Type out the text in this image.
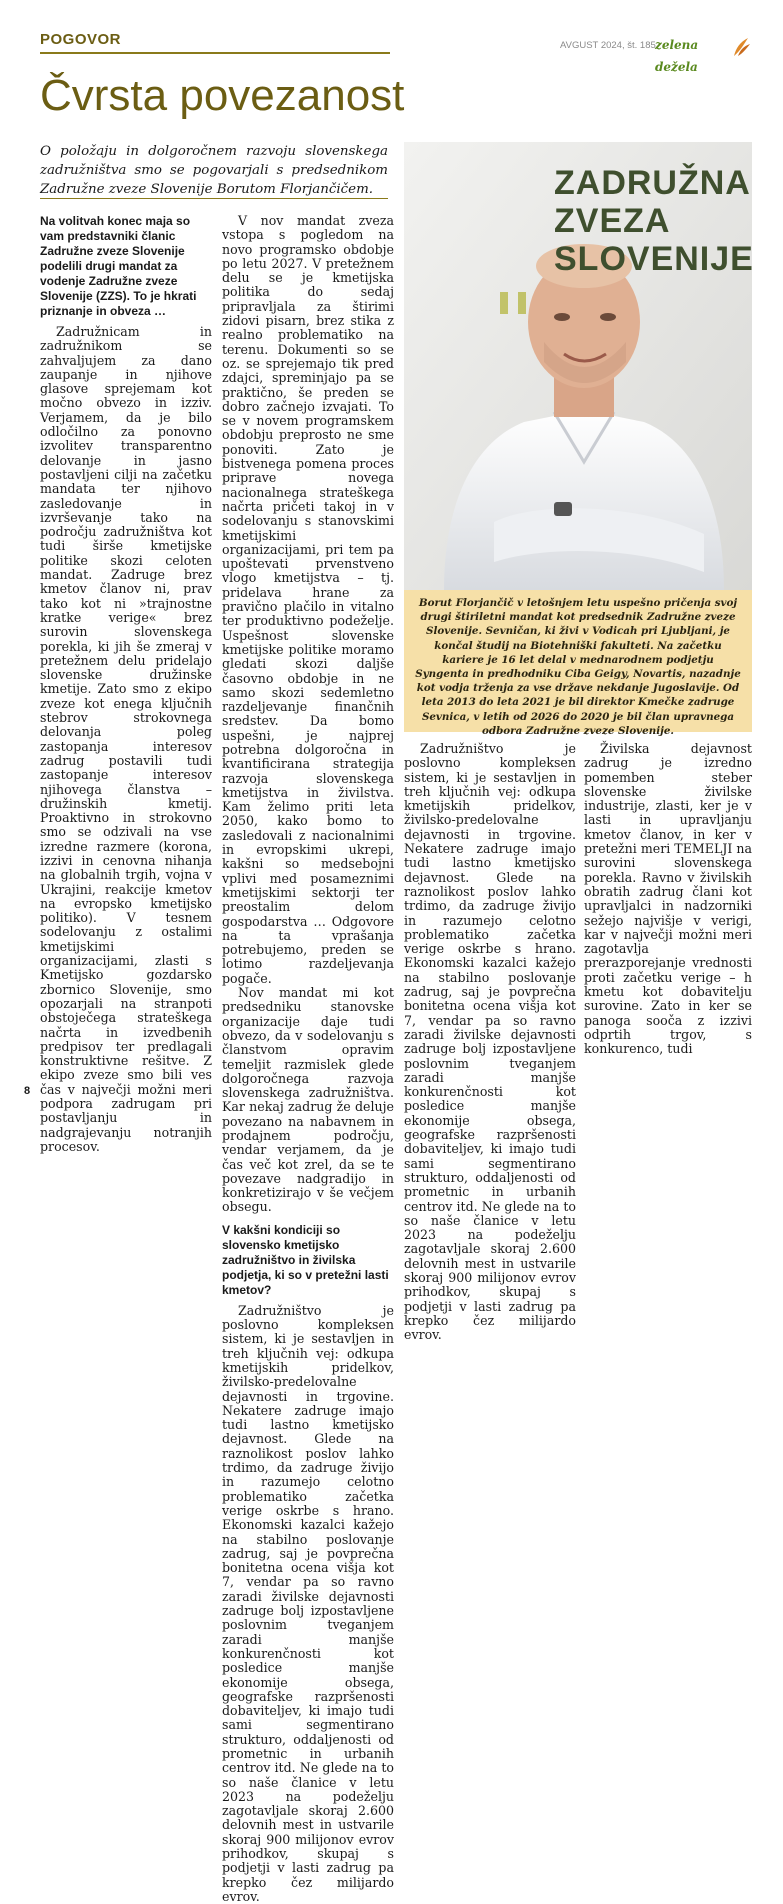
POGOVOR	AVGUST 2024, št. 185 zelena dežela
Čvrsta povezanost
O položaju in dolgoročnem razvoju slovenskega zadružništva smo se pogovarjali s predsednikom Zadružne zveze Slovenije Borutom Florjančičem.	ZADRUŽNA
ZVEZA
SLOVENIJE
Borut Florjančič v letošnjem letu uspešno pričenja svoj drugi štiriletni mandat kot predsednik Zadružne zveze Slovenije. Sevničan, ki živi v Vodicah pri Ljubljani, je končal študij na Biotehniški fakulteti. Na začetku kariere je 16 let delal v mednarodnem podjetju Syngenta in predhodniku Ciba Geigy, Novartis, nazadnje kot vodja trženja za vse države nekdanje Jugoslavije. Od leta 2013 do leta 2021 je bil direktor Kmečke zadruge Sevnica, v letih od 2026 do 2020 je bil član upravnega odbora Zadružne zveze Slovenije.
Na volitvah konec maja so vam predstavniki članic Zadružne zveze Slovenije podelili drugi mandat za vodenje Zadružne zveze Slovenije (ZZS). To je hkrati priznanje in obveza …

Zadružnicam in zadružnikom se zahvaljujem za dano zaupanje in njihove glasove sprejemam kot močno obvezo in izziv. Verjamem, da je bilo odločilno za ponovno izvolitev transparentno delovanje in jasno postavljeni cilji na začetku mandata ter njihovo zasledovanje in izvrševanje tako na področju zadružništva kot tudi širše kmetijske politike skozi celoten mandat. Zadruge brez kmetov članov ni, prav tako kot ni »trajnostne kratke verige« brez surovin slovenskega porekla, ki jih še zmeraj v pretežnem delu pridelajo slovenske družinske kmetije. Zato smo z ekipo zveze kot enega ključnih stebrov strokovnega delovanja poleg zastopanja interesov zadrug postavili tudi zastopanje interesov njihovega članstva – družinskih kmetij. Proaktivno in strokovno smo se odzivali na vse izredne razmere (korona, izzivi in cenovna nihanja na globalnih trgih, vojna v Ukrajini, reakcije kmetov na evropsko kmetijsko politiko). V tesnem sodelovanju z ostalimi kmetijskimi organizacijami, zlasti s Kmetijsko gozdarsko zbornico Slovenije, smo opozarjali na stranpoti obstoječega strateškega načrta in izvedbenih predpisov ter predlagali konstruktivne rešitve. Z ekipo zveze smo bili ves čas v največji možni meri podpora zadrugam pri postavljanju in nadgrajevanju notranjih procesov.

V nov mandat zveza vstopa s pogledom na novo programsko obdobje po letu 2027. V pretežnem delu se je kmetijska politika do sedaj pripravljala za štirimi zidovi pisarn, brez stika z realno problematiko na terenu. Dokumenti so se oz. se sprejemajo tik pred zdajci, spreminjajo pa se praktično, še preden se dobro začnejo izvajati. To se v novem programskem obdobju preprosto ne sme ponoviti. Zato je bistvenega pomena proces priprave novega nacionalnega strateškega načrta pričeti takoj in v sodelovanju s stanovskimi kmetijskimi organizacijami, pri tem pa upoštevati prvenstveno vlogo kmetijstva – tj. pridelava hrane za pravično plačilo in vitalno ter produktivno podeželje. Uspešnost slovenske kmetijske politike moramo gledati skozi daljše časovno obdobje in ne samo skozi sedemletno razdeljevanje finančnih sredstev. Da bomo uspešni, je najprej potrebna dolgoročna in kvantificirana strategija razvoja slovenskega kmetijstva in živilstva. Kam želimo priti leta 2050, kako bomo to zasledovali z nacionalnimi in evropskimi ukrepi, kakšni so medsebojni vplivi med posameznimi kmetijskimi sektorji ter preostalim delom gospodarstva … Odgovore na ta vprašanja potrebujemo, preden se lotimo razdeljevanja pogače.

Nov mandat mi kot predsedniku stanovske organizacije daje tudi obvezo, da v sodelovanju s članstvom opravim temeljit razmislek glede dolgoročnega razvoja slovenskega zadružništva. Kar nekaj zadrug že deluje povezano na nabavnem in prodajnem področju, vendar verjamem, da je čas več kot zrel, da se te povezave nadgradijo in konkretizirajo v še večjem obsegu.

V kakšni kondiciji so slovensko kmetijsko zadružništvo in živilska podjetja, ki so v pretežni lasti kmetov?

Zadružništvo je poslovno kompleksen sistem, ki je sestavljen in treh ključnih vej: odkupa kmetijskih pridelkov, živilsko-predelovalne dejavnosti in trgovine. Nekatere zadruge imajo tudi lastno kmetijsko dejavnost. Glede na raznolikost poslov lahko trdimo, da zadruge živijo in razumejo celotno problematiko začetka verige oskrbe s hrano. Ekonomski kazalci kažejo na stabilno poslovanje zadrug, saj je povprečna bonitetna ocena višja kot 7, vendar pa so ravno zaradi živilske dejavnosti zadruge bolj izpostavljene poslovnim tveganjem zaradi manjše konkurenčnosti kot posledice manjše ekonomije obsega, geografske razpršenosti dobaviteljev, ki imajo tudi sami segmentirano strukturo, oddaljenosti od prometnic in urbanih centrov itd. Ne glede na to so naše članice v letu 2023 na podeželju zagotavljale skoraj 2.600 delovnih mest in ustvarile skoraj 900 milijonov evrov prihodkov, skupaj s podjetji v lasti zadrug pa krepko čez milijardo evrov.

Zadružništvo je poslovno kompleksen sistem, ki je sestavljen in treh ključnih vej: odkupa kmetijskih pridelkov, živilsko-predelovalne dejavnosti in trgovine. Nekatere zadruge imajo tudi lastno kmetijsko dejavnost. Glede na raznolikost poslov lahko trdimo, da zadruge živijo in razumejo celotno problematiko začetka verige oskrbe s hrano. Ekonomski kazalci kažejo na stabilno poslovanje zadrug, saj je povprečna bonitetna ocena višja kot 7, vendar pa so ravno zaradi živilske dejavnosti zadruge bolj izpostavljene poslovnim tveganjem zaradi manjše konkurenčnosti kot posledice manjše ekonomije obsega, geografske razpršenosti dobaviteljev, ki imajo tudi sami segmentirano strukturo, oddaljenosti od prometnic in urbanih centrov itd. Ne glede na to so naše članice v letu 2023 na podeželju zagotavljale skoraj 2.600 delovnih mest in ustvarile skoraj 900 milijonov evrov prihodkov, skupaj s podjetji v lasti zadrug pa krepko čez milijardo evrov.

Živilska dejavnost zadrug je izredno pomemben steber slovenske živilske industrije, zlasti, ker je v lasti in upravljanju kmetov članov, in ker v pretežni meri TEMELJI na surovini slovenskega porekla. Ravno v živilskih obratih zadrug člani kot upravljalci in nadzorniki sežejo najvišje v verigi, kar v največji možni meri zagotavlja prerazporejanje vrednosti proti začetku verige – h kmetu kot dobavitelju surovine. Zato in ker se panoga sooča z izzivi odprtih trgov, s konkurenco, tudi

8
